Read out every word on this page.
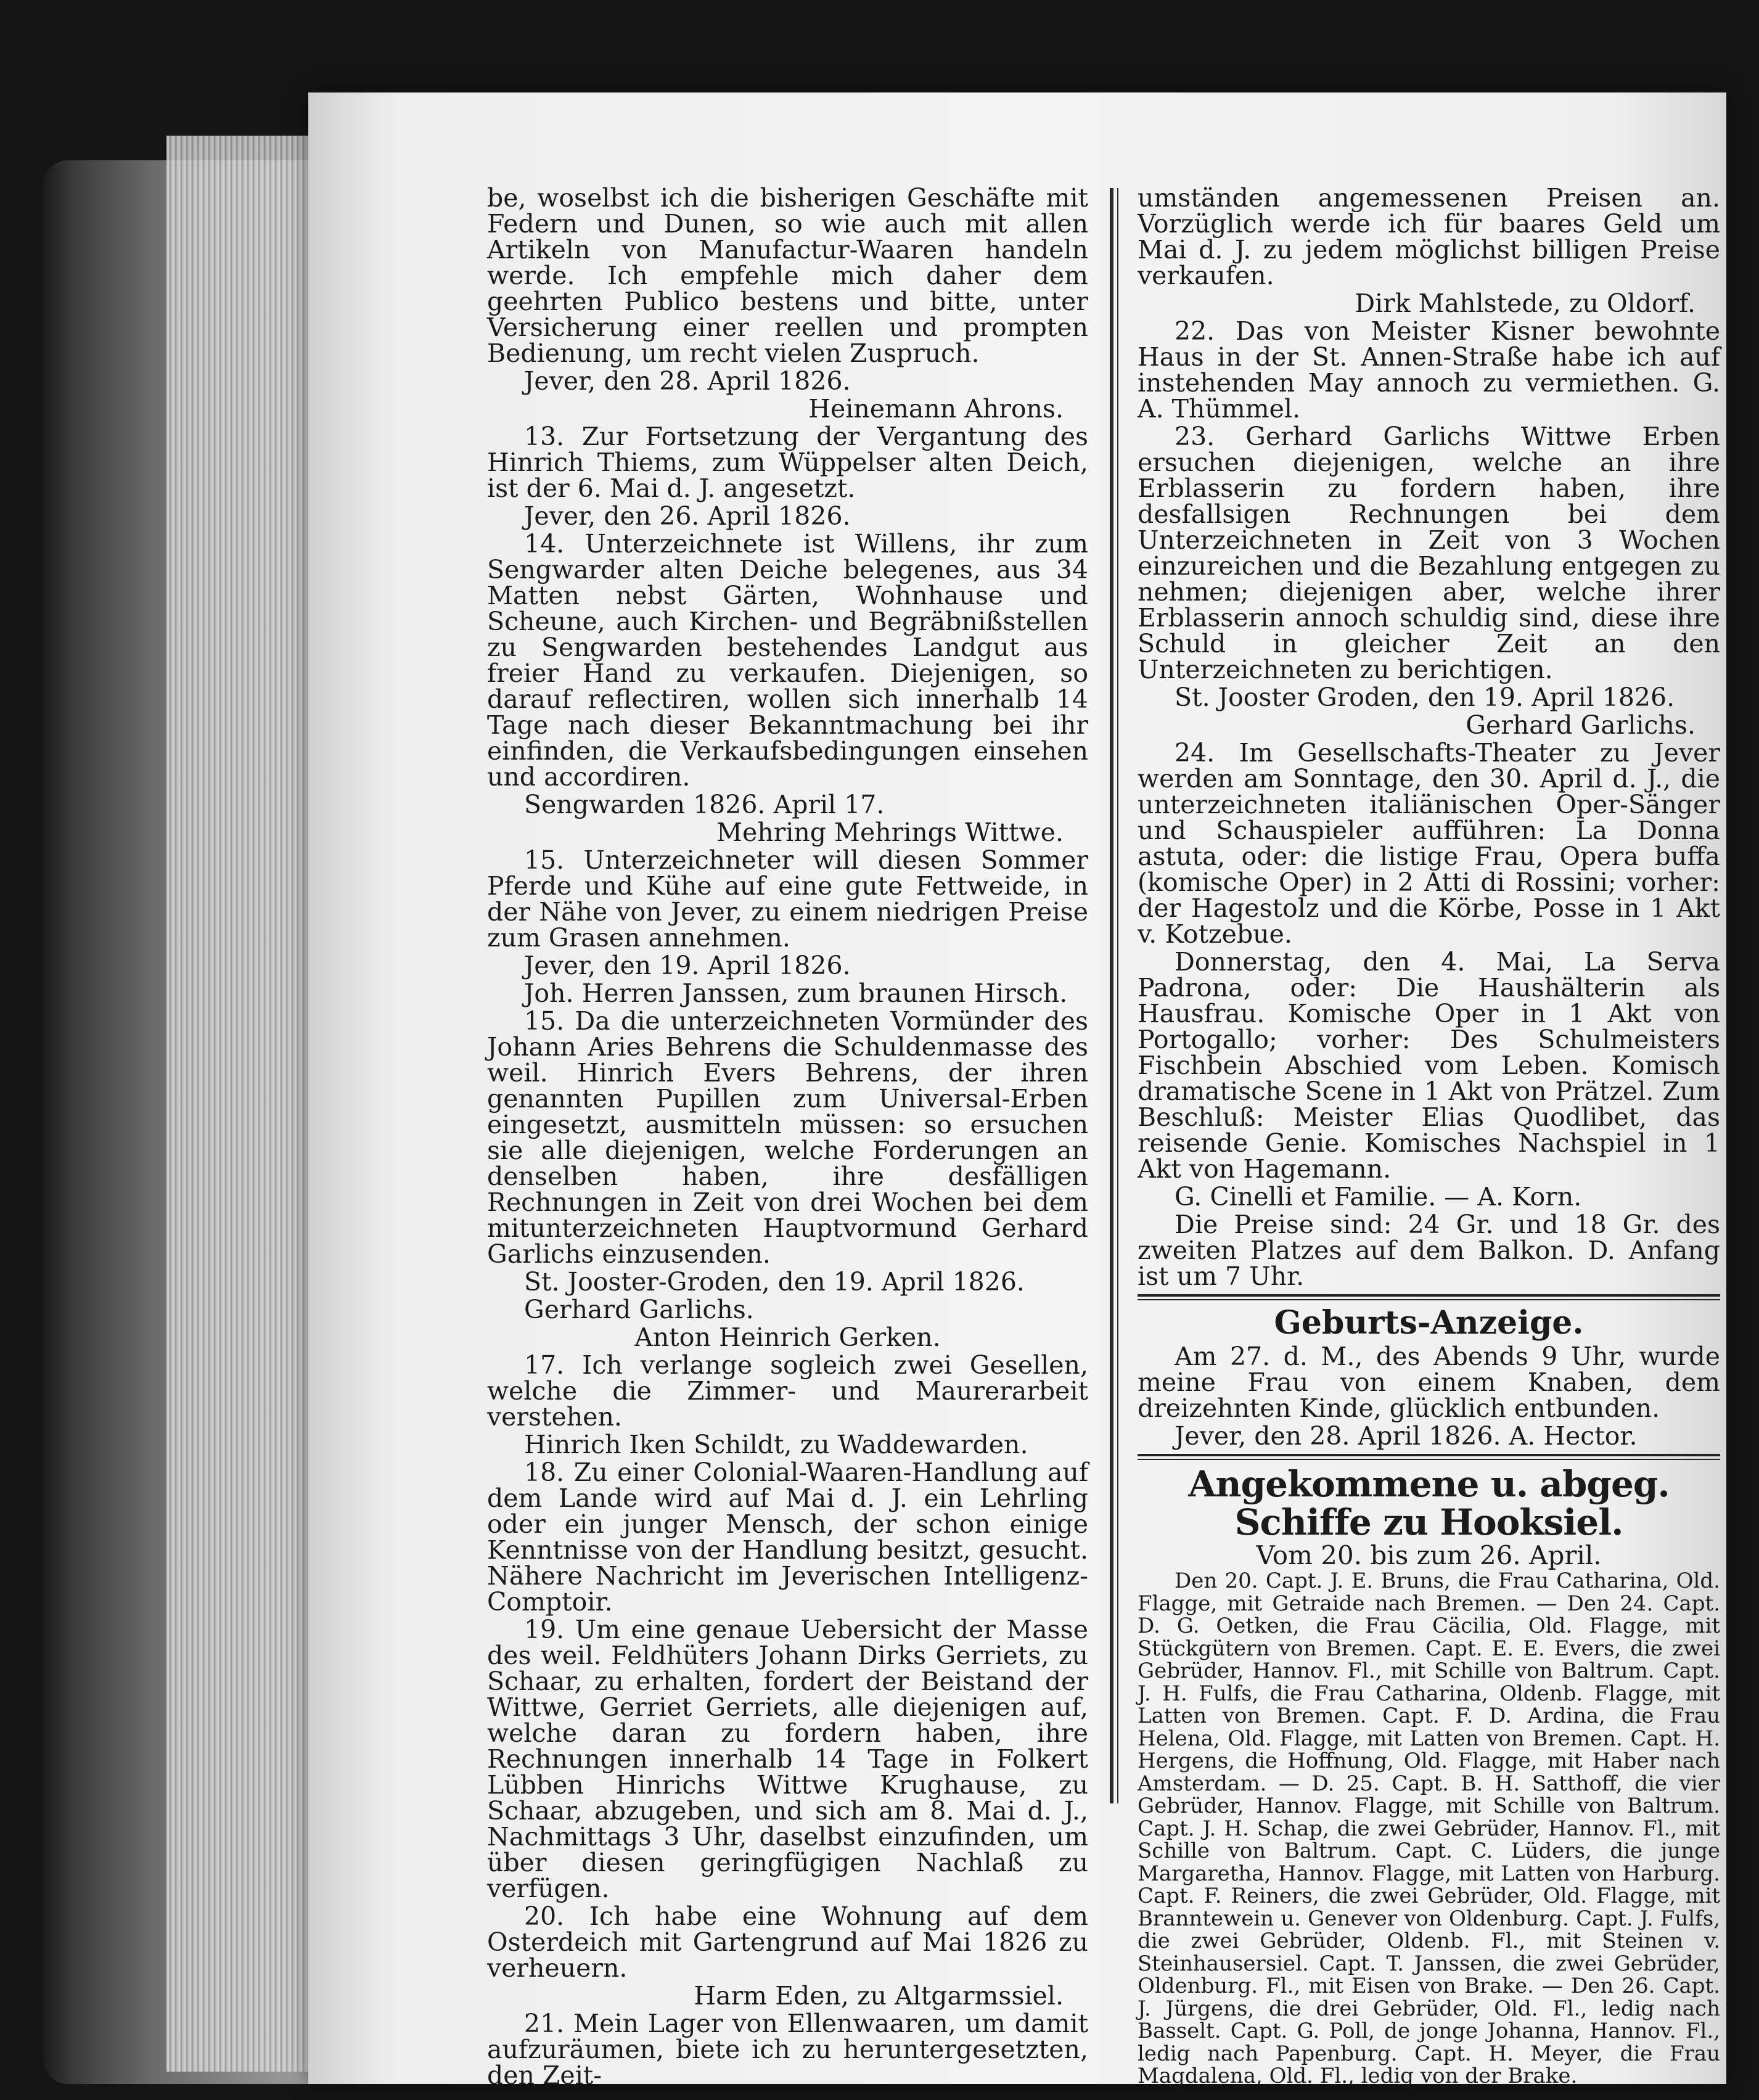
be, woselbst ich die bisherigen Geschäfte mit Federn und Dunen, so wie auch mit allen Artikeln von Manufactur-Waaren handeln werde. Ich empfehle mich daher dem geehrten Publico bestens und bitte, unter Versicherung einer reellen und prompten Bedienung, um recht vielen Zuspruch.

Jever, den 28. April 1826.

Heinemann Ahrons.

13. Zur Fortsetzung der Vergantung des Hinrich Thiems, zum Wüppelser alten Deich, ist der 6. Mai d. J. angesetzt.

Jever, den 26. April 1826.

14. Unterzeichnete ist Willens, ihr zum Sengwarder alten Deiche belegenes, aus 34 Matten nebst Gärten, Wohnhause und Scheune, auch Kirchen- und Begräbnißstellen zu Sengwarden bestehendes Landgut aus freier Hand zu verkaufen. Diejenigen, so darauf reflectiren, wollen sich innerhalb 14 Tage nach dieser Bekanntmachung bei ihr einfinden, die Verkaufsbedingungen einsehen und accordiren.

Sengwarden 1826. April 17.

Mehring Mehrings Wittwe.

15. Unterzeichneter will diesen Sommer Pferde und Kühe auf eine gute Fettweide, in der Nähe von Jever, zu einem niedrigen Preise zum Grasen annehmen.

Jever, den 19. April 1826.

Joh. Herren Janssen, zum braunen Hirsch.

15. Da die unterzeichneten Vormünder des Johann Aries Behrens die Schuldenmasse des weil. Hinrich Evers Behrens, der ihren genannten Pupillen zum Universal-Erben eingesetzt, ausmitteln müssen: so ersuchen sie alle diejenigen, welche Forderungen an denselben haben, ihre desfälligen Rechnungen in Zeit von drei Wochen bei dem mitunterzeichneten Hauptvormund Gerhard Garlichs einzusenden.

St. Jooster-Groden, den 19. April 1826.

Gerhard Garlichs.

Anton Heinrich Gerken.

17. Ich verlange sogleich zwei Gesellen, welche die Zimmer- und Maurerarbeit verstehen.

Hinrich Iken Schildt, zu Waddewarden.

18. Zu einer Colonial-Waaren-Handlung auf dem Lande wird auf Mai d. J. ein Lehrling oder ein junger Mensch, der schon einige Kenntnisse von der Handlung besitzt, gesucht. Nähere Nachricht im Jeverischen Intelligenz-Comptoir.

19. Um eine genaue Uebersicht der Masse des weil. Feldhüters Johann Dirks Gerriets, zu Schaar, zu erhalten, fordert der Beistand der Wittwe, Gerriet Gerriets, alle diejenigen auf, welche daran zu fordern haben, ihre Rechnungen innerhalb 14 Tage in Folkert Lübben Hinrichs Wittwe Krughause, zu Schaar, abzugeben, und sich am 8. Mai d. J., Nachmittags 3 Uhr, daselbst einzufinden, um über diesen geringfügigen Nachlaß zu verfügen.

20. Ich habe eine Wohnung auf dem Osterdeich mit Gartengrund auf Mai 1826 zu verheuern.

Harm Eden, zu Altgarmssiel.

21. Mein Lager von Ellenwaaren, um damit aufzuräumen, biete ich zu heruntergesetzten, den Zeit-

umständen angemessenen Preisen an. Vorzüglich werde ich für baares Geld um Mai d. J. zu jedem möglichst billigen Preise verkaufen.

Dirk Mahlstede, zu Oldorf.

22. Das von Meister Kisner bewohnte Haus in der St. Annen-Straße habe ich auf instehenden May annoch zu vermiethen. G. A. Thümmel.

23. Gerhard Garlichs Wittwe Erben ersuchen diejenigen, welche an ihre Erblasserin zu fordern haben, ihre desfallsigen Rechnungen bei dem Unterzeichneten in Zeit von 3 Wochen einzureichen und die Bezahlung entgegen zu nehmen; diejenigen aber, welche ihrer Erblasserin annoch schuldig sind, diese ihre Schuld in gleicher Zeit an den Unterzeichneten zu berichtigen.

St. Jooster Groden, den 19. April 1826.

Gerhard Garlichs.

24. Im Gesellschafts-Theater zu Jever werden am Sonntage, den 30. April d. J., die unterzeichneten italiänischen Oper-Sänger und Schauspieler aufführen: La Donna astuta, oder: die listige Frau, Opera buffa (komische Oper) in 2 Atti di Rossini; vorher: der Hagestolz und die Körbe, Posse in 1 Akt v. Kotzebue.

Donnerstag, den 4. Mai, La Serva Padrona, oder: Die Haushälterin als Hausfrau. Komische Oper in 1 Akt von Portogallo; vorher: Des Schulmeisters Fischbein Abschied vom Leben. Komisch dramatische Scene in 1 Akt von Prätzel. Zum Beschluß: Meister Elias Quodlibet, das reisende Genie. Komisches Nachspiel in 1 Akt von Hagemann.

G. Cinelli et Familie. — A. Korn.

Die Preise sind: 24 Gr. und 18 Gr. des zweiten Platzes auf dem Balkon. D. Anfang ist um 7 Uhr.

Geburts-Anzeige.

Am 27. d. M., des Abends 9 Uhr, wurde meine Frau von einem Knaben, dem dreizehnten Kinde, glücklich entbunden.

Jever, den 28. April 1826. A. Hector.

Angekommene u. abgeg. Schiffe zu Hooksiel.
Vom 20. bis zum 26. April.

Den 20. Capt. J. E. Bruns, die Frau Catharina, Old. Flagge, mit Getraide nach Bremen. — Den 24. Capt. D. G. Oetken, die Frau Cäcilia, Old. Flagge, mit Stückgütern von Bremen. Capt. E. E. Evers, die zwei Gebrüder, Hannov. Fl., mit Schille von Baltrum. Capt. J. H. Fulfs, die Frau Catharina, Oldenb. Flagge, mit Latten von Bremen. Capt. F. D. Ardina, die Frau Helena, Old. Flagge, mit Latten von Bremen. Capt. H. Hergens, die Hoffnung, Old. Flagge, mit Haber nach Amsterdam. — D. 25. Capt. B. H. Satthoff, die vier Gebrüder, Hannov. Flagge, mit Schille von Baltrum. Capt. J. H. Schap, die zwei Gebrüder, Hannov. Fl., mit Schille von Baltrum. Capt. C. Lüders, die junge Margaretha, Hannov. Flagge, mit Latten von Harburg. Capt. F. Reiners, die zwei Gebrüder, Old. Flagge, mit Branntewein u. Genever von Oldenburg. Capt. J. Fulfs, die zwei Gebrüder, Oldenb. Fl., mit Steinen v. Steinhausersiel. Capt. T. Janssen, die zwei Gebrüder, Oldenburg. Fl., mit Eisen von Brake. — Den 26. Capt. J. Jürgens, die drei Gebrüder, Old. Fl., ledig nach Basselt. Capt. G. Poll, de jonge Johanna, Hannov. Fl., ledig nach Papenburg. Capt. H. Meyer, die Frau Magdalena, Old. Fl., ledig von der Brake.
